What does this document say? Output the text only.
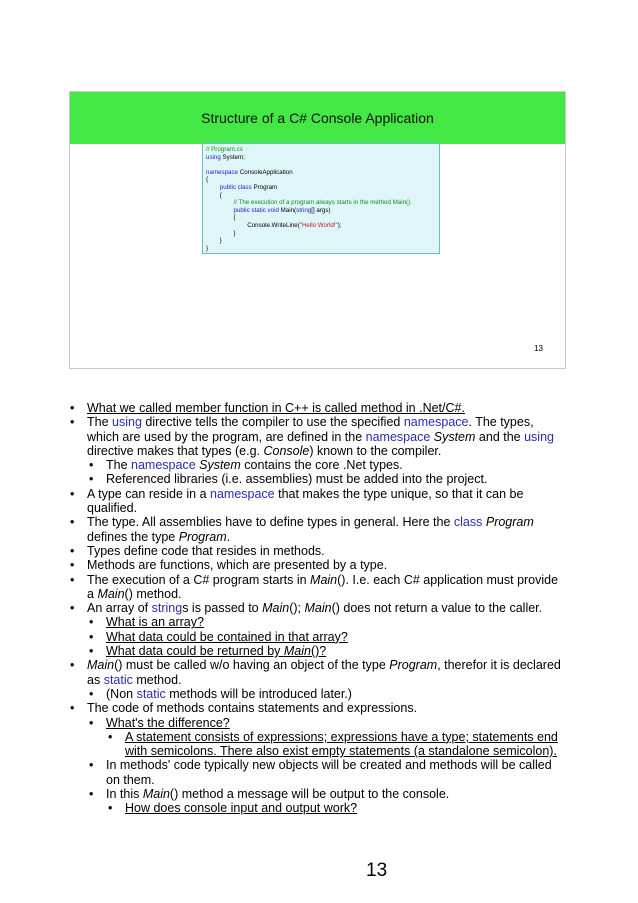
Structure of a C# Console Application
// Program.cs
using System;
namespace ConsoleApplication
{
public class Program
{
// The execution of a program always starts in the method Main().
public static void Main(string[] args)
{
Console.WriteLine("Hello World!");
}
}
}
13
• What we called member function in C++ is called method in .Net/C#.
• The using directive tells the compiler to use the specified namespace. The types, which are used by the program, are defined in the namespace System and the using directive makes that types (e.g. Console) known to the compiler.
• The namespace System contains the core .Net types.
• Referenced libraries (i.e. assemblies) must be added into the project.
• A type can reside in a namespace that makes the type unique, so that it can be qualified.
• The type. All assemblies have to define types in general. Here the class Program defines the type Program.
• Types define code that resides in methods.
• Methods are functions, which are presented by a type.
• The execution of a C# program starts in Main(). I.e. each C# application must provide a Main() method.
• An array of strings is passed to Main(); Main() does not return a value to the caller.
• What is an array?
• What data could be contained in that array?
• What data could be returned by Main()?
• Main() must be called w/o having an object of the type Program, therefor it is declared as static method.
• (Non static methods will be introduced later.)
• The code of methods contains statements and expressions.
• What's the difference?
• A statement consists of expressions; expressions have a type; statements end with semicolons. There also exist empty statements (a standalone semicolon).
• In methods' code typically new objects will be created and methods will be called on them.
• In this Main() method a message will be output to the console.
• How does console input and output work?
13
